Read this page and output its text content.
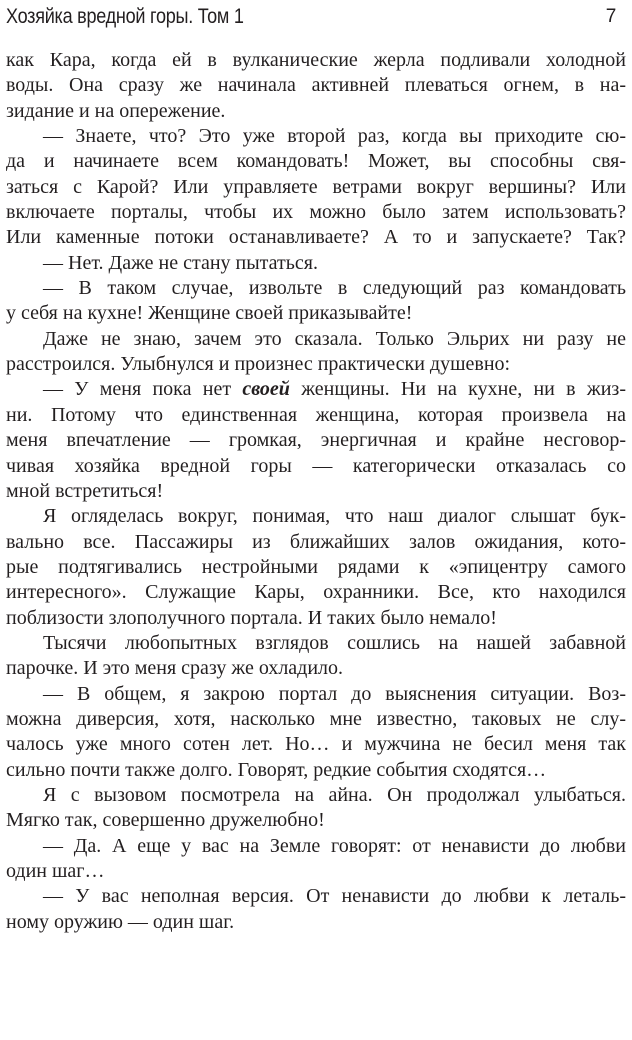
Хозяйка вредной горы. Том 1	7
как Кара, когда ей в вулканические жерла подливали холодной
воды. Она сразу же начинала активней плеваться огнем, в на-
зидание и на опережение.
— Знаете, что? Это уже второй раз, когда вы приходите сю-
да и начинаете всем командовать! Может, вы способны свя-
заться с Карой? Или управляете ветрами вокруг вершины? Или
включаете порталы, чтобы их можно было затем использовать?
Или каменные потоки останавливаете? А то и запускаете? Так?
— Нет. Даже не стану пытаться.
— В таком случае, извольте в следующий раз командовать
у себя на кухне! Женщине своей приказывайте!
Даже не знаю, зачем это сказала. Только Эльрих ни разу не
расстроился. Улыбнулся и произнес практически душевно:
— У меня пока нет своей женщины. Ни на кухне, ни в жиз-
ни. Потому что единственная женщина, которая произвела на
меня впечатление — громкая, энергичная и крайне несговор-
чивая хозяйка вредной горы — категорически отказалась со
мной встретиться!
Я огляделась вокруг, понимая, что наш диалог слышат бук-
вально все. Пассажиры из ближайших залов ожидания, кото-
рые подтягивались нестройными рядами к «эпицентру самого
интересного». Служащие Кары, охранники. Все, кто находился
поблизости злополучного портала. И таких было немало!
Тысячи любопытных взглядов сошлись на нашей забавной
парочке. И это меня сразу же охладило.
— В общем, я закрою портал до выяснения ситуации. Воз-
можна диверсия, хотя, насколько мне известно, таковых не слу-
чалось уже много сотен лет. Но… и мужчина не бесил меня так
сильно почти также долго. Говорят, редкие события сходятся…
Я с вызовом посмотрела на айна. Он продолжал улыбаться.
Мягко так, совершенно дружелюбно!
— Да. А еще у вас на Земле говорят: от ненависти до любви
один шаг…
— У вас неполная версия. От ненависти до любви к леталь-
ному оружию — один шаг.
